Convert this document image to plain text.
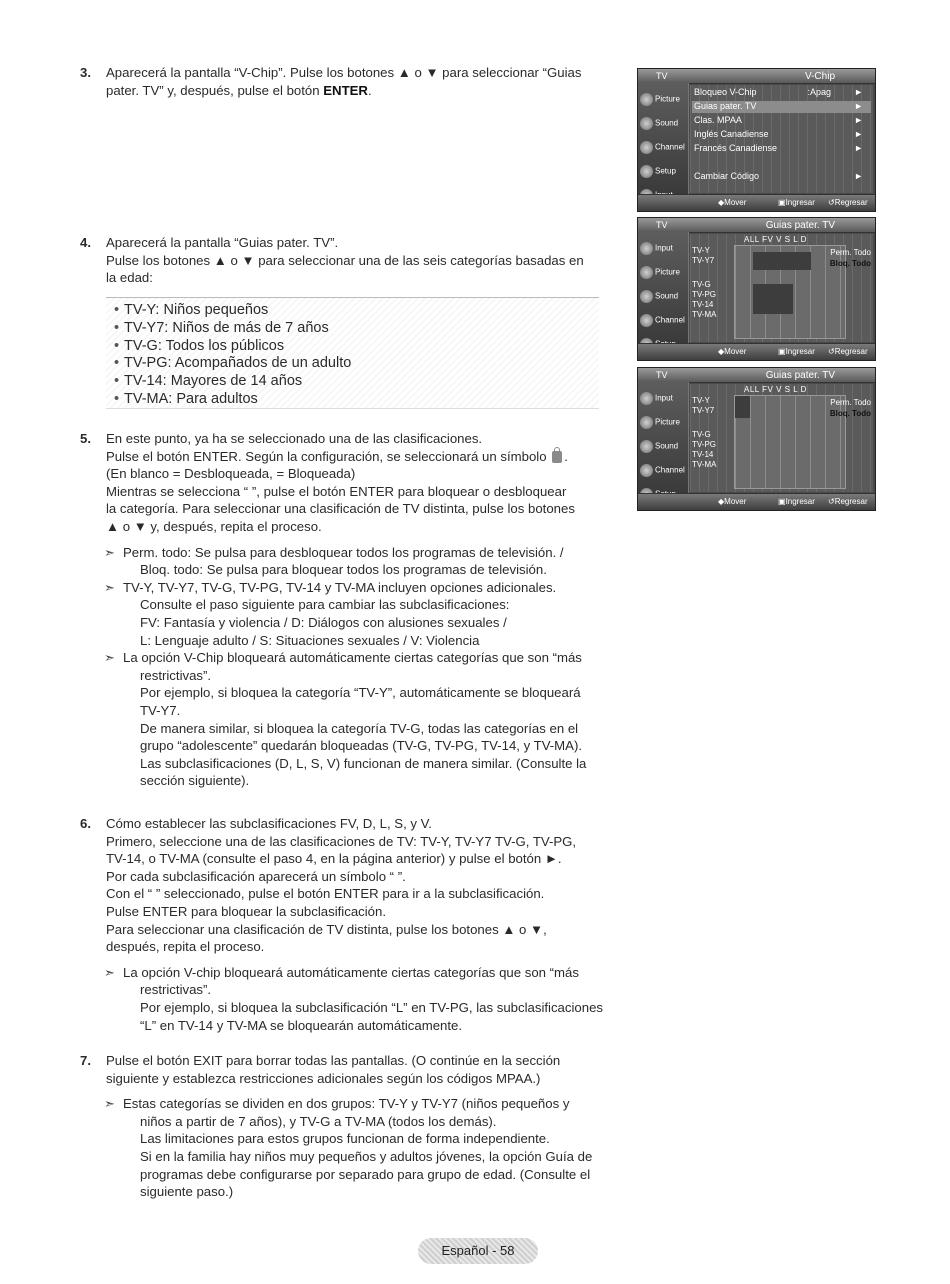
3. Aparecerá la pantalla “V-Chip”. Pulse los botones ▲ o ▼ para seleccionar “Guias
pater. TV” y, después, pulse el botón ENTER.
4. Aparecerá la pantalla “Guias pater. TV”.
Pulse los botones ▲ o ▼ para seleccionar una de las seis categorías basadas en
la edad:
• TV-Y: Niños pequeños
• TV-Y7: Niños de más de 7 años
• TV-G: Todos los públicos
• TV-PG: Acompañados de un adulto
• TV-14: Mayores de 14 años
• TV-MA: Para adultos
5. En este punto, ya ha se seleccionado una de las clasificaciones.
Pulse el botón ENTER. Según la configuración, se seleccionará un símbolo .
(En blanco = Desbloqueada, = Bloqueada)
Mientras se selecciona “ ”, pulse el botón ENTER para bloquear o desbloquear
la categoría. Para seleccionar una clasificación de TV distinta, pulse los botones
▲ o ▼ y, después, repita el proceso.
➣ Perm. todo: Se pulsa para desbloquear todos los programas de televisión. /
Bloq. todo: Se pulsa para bloquear todos los programas de televisión.
➣ TV-Y, TV-Y7, TV-G, TV-PG, TV-14 y TV-MA incluyen opciones adicionales.
Consulte el paso siguiente para cambiar las subclasificaciones:
FV: Fantasía y violencia / D: Diálogos con alusiones sexuales /
L: Lenguaje adulto / S: Situaciones sexuales / V: Violencia
➣ La opción V-Chip bloqueará automáticamente ciertas categorías que son “más
restrictivas”.
Por ejemplo, si bloquea la categoría “TV-Y”, automáticamente se bloqueará
TV-Y7.
De manera similar, si bloquea la categoría TV-G, todas las categorías en el
grupo “adolescente” quedarán bloqueadas (TV-G, TV-PG, TV-14, y TV-MA).
Las subclasificaciones (D, L, S, V) funcionan de manera similar. (Consulte la
sección siguiente).
6. Cómo establecer las subclasificaciones FV, D, L, S, y V.
Primero, seleccione una de las clasificaciones de TV: TV-Y, TV-Y7 TV-G, TV-PG,
TV-14, o TV-MA (consulte el paso 4, en la página anterior) y pulse el botón ►.
Por cada subclasificación aparecerá un símbolo “ ”.
Con el “ ” seleccionado, pulse el botón ENTER para ir a la subclasificación.
Pulse ENTER para bloquear la subclasificación.
Para seleccionar una clasificación de TV distinta, pulse los botones ▲ o ▼,
después, repita el proceso.
➣ La opción V-chip bloqueará automáticamente ciertas categorías que son “más
restrictivas”.
Por ejemplo, si bloquea la subclasificación “L” en TV-PG, las subclasificaciones
“L” en TV-14 y TV-MA se bloquearán automáticamente.
7. Pulse el botón EXIT para borrar todas las pantallas. (O continúe en la sección
siguiente y establezca restricciones adicionales según los códigos MPAA.)
➣ Estas categorías se dividen en dos grupos: TV-Y y TV-Y7 (niños pequeños y
niños a partir de 7 años), y TV-G a TV-MA (todos los demás).
Las limitaciones para estos grupos funcionan de forma independiente.
Si en la familia hay niños muy pequeños y adultos jóvenes, la opción Guía de
programas debe configurarse por separado para grupo de edad. (Consulte el
siguiente paso.)
TV	V-Chip
Picture
Sound
Channel
Setup
Bloqueo V-Chip	:Apag	►
Guias pater. TV	►
Clas. MPAA	►
Inglés Canadiense	►
Francés Canadiense	►
Cambiar Código	►
◆ Mover	▣ Ingresar ↺ Regresar
TV	Guias pater. TV
Input
Picture
Sound
Channel
ALL FV V S L D
TV-Y
TV-Y7
TV-G
TV-PG
TV-14
TV-MA
Perm. Todo
Bloq. Todo
◆ Mover	▣ Ingresar ↺ Regresar
TV	Guias pater. TV
Input
Picture
Sound
Channel
ALL FV V S L D
TV-Y
TV-Y7
TV-G
TV-PG
TV-14
TV-MA
Perm. Todo
Bloq. Todo
◆ Mover	▣ Ingresar ↺ Regresar
Español - 58
